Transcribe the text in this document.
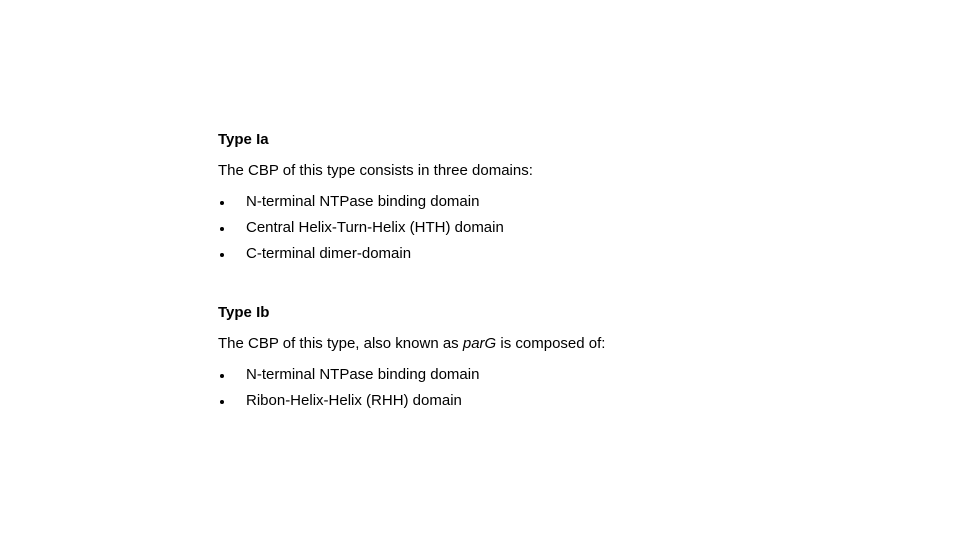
Type Ia

The CBP of this type consists in three domains:

N-terminal NTPase binding domain
Central Helix-Turn-Helix (HTH) domain
C-terminal dimer-domain

Type Ib

The CBP of this type, also known as parG is composed of:

N-terminal NTPase binding domain
Ribon-Helix-Helix (RHH) domain
